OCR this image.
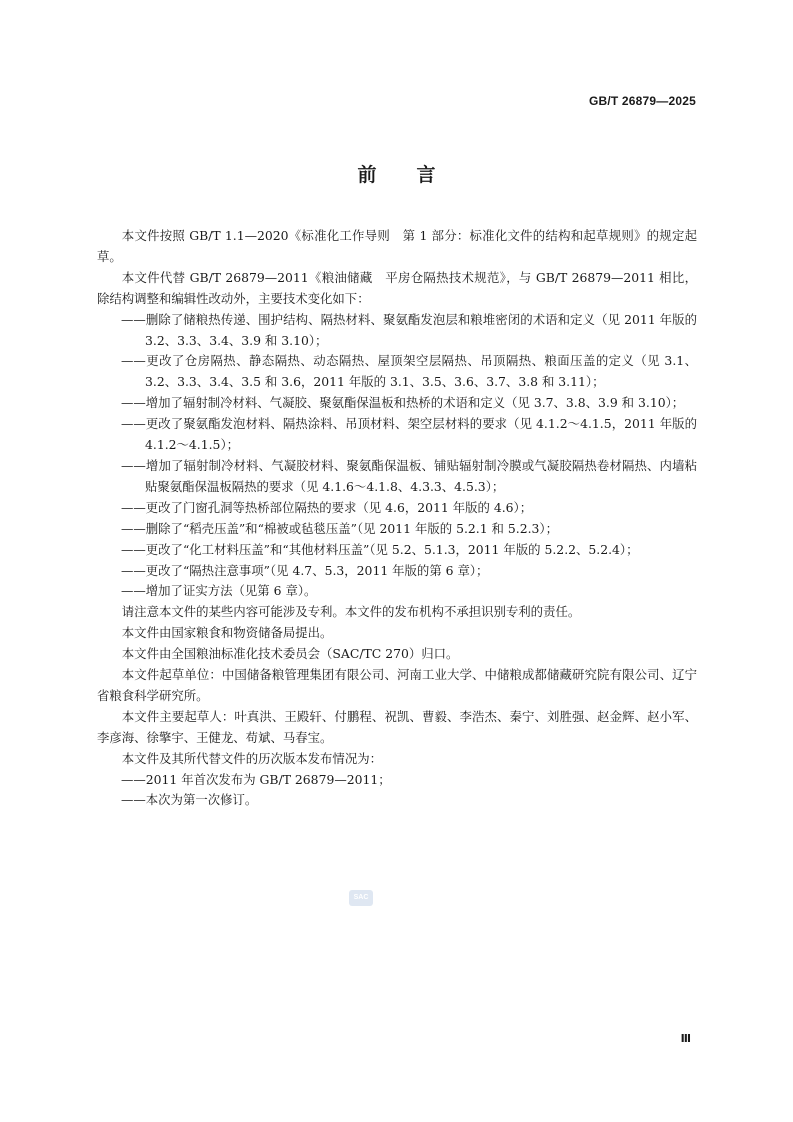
GB/T 26879—2025
前言

本文件按照 GB/T 1.1—2020《标准化工作导则　第 1 部分：标准化文件的结构和起草规则》的规定起草。

本文件代替 GB/T 26879—2011《粮油储藏　平房仓隔热技术规范》，与 GB/T 26879—2011 相比，除结构调整和编辑性改动外，主要技术变化如下：

——删除了储粮热传递、围护结构、隔热材料、聚氨酯发泡层和粮堆密闭的术语和定义（见 2011 年版的 3.2、3.3、3.4、3.9 和 3.10）；

——更改了仓房隔热、静态隔热、动态隔热、屋顶架空层隔热、吊顶隔热、粮面压盖的定义（见 3.1、3.2、3.3、3.4、3.5 和 3.6，2011 年版的 3.1、3.5、3.6、3.7、3.8 和 3.11）；

——增加了辐射制冷材料、气凝胶、聚氨酯保温板和热桥的术语和定义（见 3.7、3.8、3.9 和 3.10）；

——更改了聚氨酯发泡材料、隔热涂料、吊顶材料、架空层材料的要求（见 4.1.2～4.1.5，2011 年版的 4.1.2～4.1.5）；

——增加了辐射制冷材料、气凝胶材料、聚氨酯保温板、铺贴辐射制冷膜或气凝胶隔热卷材隔热、内墙粘贴聚氨酯保温板隔热的要求（见 4.1.6～4.1.8、4.3.3、4.5.3）；

——更改了门窗孔洞等热桥部位隔热的要求（见 4.6，2011 年版的 4.6）；

——删除了“稻壳压盖”和“棉被或毡毯压盖”（见 2011 年版的 5.2.1 和 5.2.3）；

——更改了“化工材料压盖”和“其他材料压盖”（见 5.2、5.1.3，2011 年版的 5.2.2、5.2.4）；

——更改了“隔热注意事项”（见 4.7、5.3，2011 年版的第 6 章）；

——增加了证实方法（见第 6 章）。

请注意本文件的某些内容可能涉及专利。本文件的发布机构不承担识别专利的责任。

本文件由国家粮食和物资储备局提出。

本文件由全国粮油标准化技术委员会（SAC/TC 270）归口。

本文件起草单位：中国储备粮管理集团有限公司、河南工业大学、中储粮成都储藏研究院有限公司、辽宁省粮食科学研究所。

本文件主要起草人：叶真洪、王殿轩、付鹏程、祝凯、曹毅、李浩杰、秦宁、刘胜强、赵金辉、赵小军、李彦海、徐擎宇、王健龙、苟斌、马春宝。

本文件及其所代替文件的历次版本发布情况为：

——2011 年首次发布为 GB/T 26879—2011；

——本次为第一次修订。

SAC
Ⅲ
